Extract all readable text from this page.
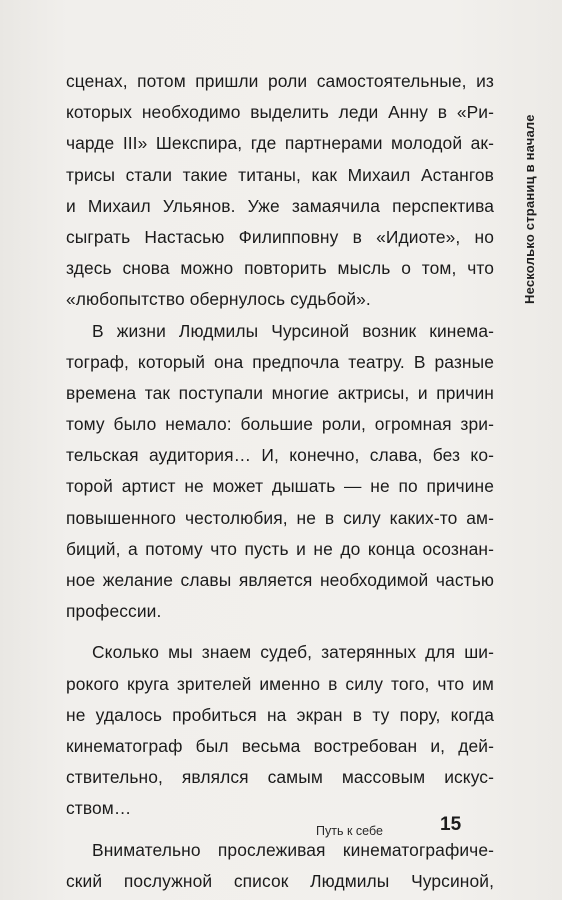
Несколько страниц в начале
сценах, потом пришли роли самостоятельные, из
которых необходимо выделить леди Анну в «Ри-
чарде III» Шекспира, где партнерами молодой ак-
трисы стали такие титаны, как Михаил Астангов
и Михаил Ульянов. Уже замаячила перспектива
сыграть Настасью Филипповну в «Идиоте», но
здесь снова можно повторить мысль о том, что
«любопытство обернулось судьбой».
В жизни Людмилы Чурсиной возник кинема-
тограф, который она предпочла театру. В разные
времена так поступали многие актрисы, и причин
тому было немало: большие роли, огромная зри-
тельская аудитория… И, конечно, слава, без ко-
торой артист не может дышать — не по причине
повышенного честолюбия, не в силу каких-то ам-
биций, а потому что пусть и не до конца осознан-
ное желание славы является необходимой частью
профессии.
Сколько мы знаем судеб, затерянных для ши-
рокого круга зрителей именно в силу того, что им
не удалось пробиться на экран в ту пору, когда
кинематограф был весьма востребован и, дей-
ствительно, являлся самым массовым искус-
ством…
Внимательно прослеживая кинематографиче-
ский послужной список Людмилы Чурсиной,
Путь к себе	15
